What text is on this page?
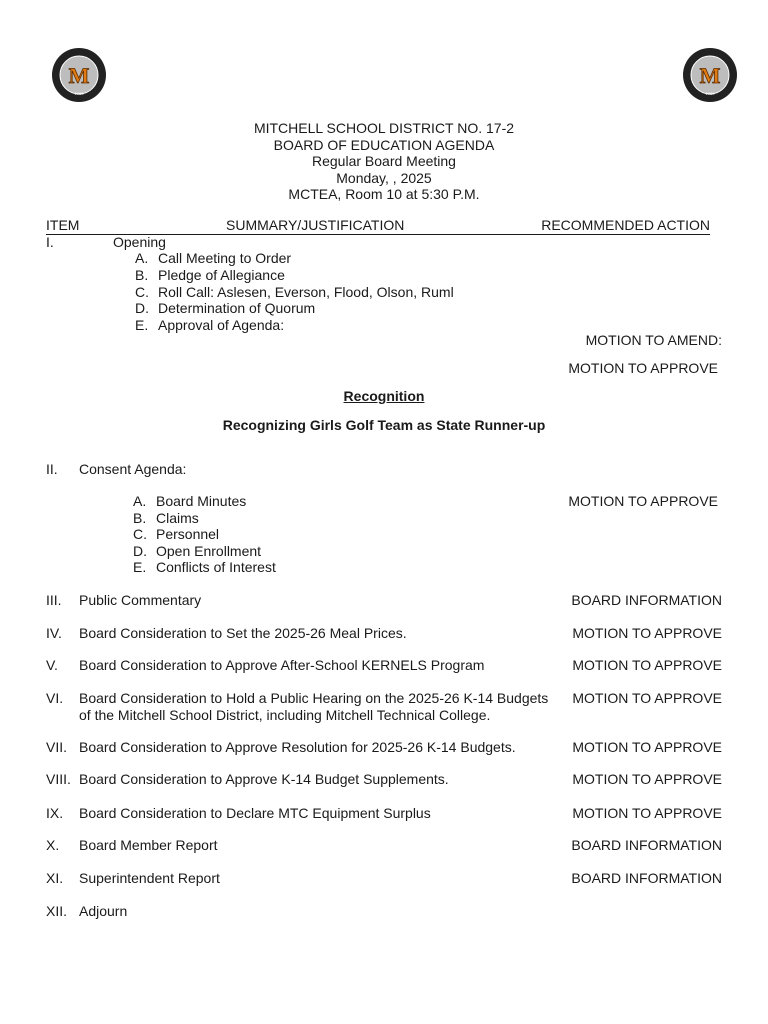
M
1960
M
1960
MITCHELL SCHOOL DISTRICT NO. 17-2
BOARD OF EDUCATION AGENDA
Regular Board Meeting
Monday, , 2025
MCTEA, Room 10 at 5:30 P.M.
ITEM	SUMMARY/JUSTIFICATION	RECOMMENDED ACTION
I.	Opening
A. Call Meeting to Order
B. Pledge of Allegiance
C. Roll Call: Aslesen, Everson, Flood, Olson, Ruml
D. Determination of Quorum
E. Approval of Agenda:
MOTION TO AMEND:
MOTION TO APPROVE
Recognition
Recognizing Girls Golf Team as State Runner-up
II. Consent Agenda:
A. Board Minutes	MOTION TO APPROVE
B. Claims
C. Personnel
D. Open Enrollment
E. Conflicts of Interest
III. Public Commentary	BOARD INFORMATION
IV. Board Consideration to Set the 2025-26 Meal Prices.	MOTION TO APPROVE
V. Board Consideration to Approve After-School KERNELS Program	MOTION TO APPROVE
VI. Board Consideration to Hold a Public Hearing on the 2025-26 K-14 Budgets
of the Mitchell School District, including Mitchell Technical College.
MOTION TO APPROVE
VII. Board Consideration to Approve Resolution for 2025-26 K-14 Budgets.	MOTION TO APPROVE
VIII. Board Consideration to Approve K-14 Budget Supplements.	MOTION TO APPROVE
IX. Board Consideration to Declare MTC Equipment Surplus	MOTION TO APPROVE
X. Board Member Report	BOARD INFORMATION
XI. Superintendent Report	BOARD INFORMATION
XII. Adjourn
